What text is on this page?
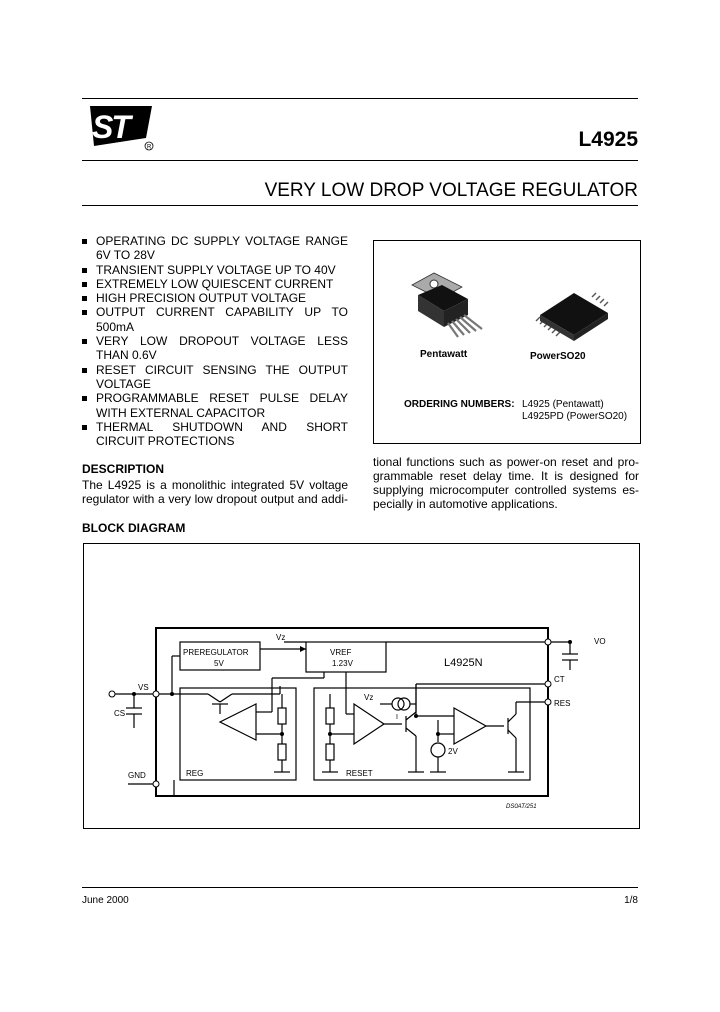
ST
R	L4925
VERY LOW DROP VOLTAGE REGULATOR
OPERATING DC SUPPLY VOLTAGE RANGE 6V TO 28V
TRANSIENT SUPPLY VOLTAGE UP TO 40V
EXTREMELY LOW QUIESCENT CURRENT
HIGH PRECISION OUTPUT VOLTAGE
OUTPUT CURRENT CAPABILITY UP TO 500mA
VERY LOW DROPOUT VOLTAGE LESS THAN 0.6V
RESET CIRCUIT SENSING THE OUTPUT VOLTAGE
PROGRAMMABLE RESET PULSE DELAY WITH EXTERNAL CAPACITOR
THERMAL SHUTDOWN AND SHORT CIRCUIT PROTECTIONS
Pentawatt	PowerSO20
ORDERING NUMBERS: L4925 (Pentawatt)
L4925PD (PowerSO20)
DESCRIPTION
The L4925 is a monolithic integrated 5V voltage
regulator with a very low dropout output and addi-
tional functions such as power-on reset and pro-
grammable reset delay time. It is designed for
supplying microcomputer controlled systems es-
pecially in automotive applications.
BLOCK DIAGRAM
PREREGULATOR
5V
VREF
1.23V	L4925N
Vz
Vz
VO
CT
RES
VS
CS
GND	REG	RESET
2V
I
DS0AT/251
June 2000	1/8
